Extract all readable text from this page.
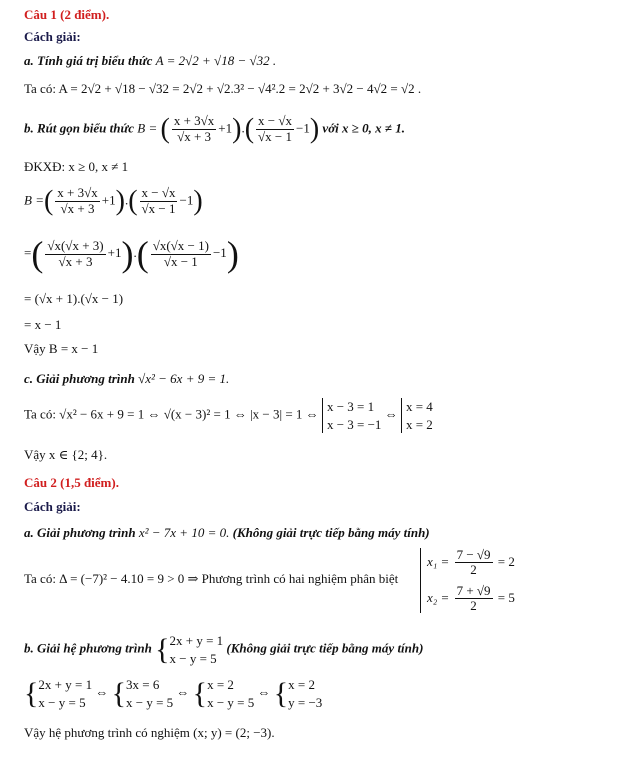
Câu 1 (2 điểm).
Cách giải:
a. Tính giá trị biểu thức A = 2√2 + √18 − √32 .
Ta có: A = 2√2 + √18 − √32 = 2√2 + √2.3² − √4².2 = 2√2 + 3√2 − 4√2 = √2 .
b. Rút gọn biểu thức B = ( $\frac{x + 3√x}{√x + 3} +1).( \frac{x - √x}{√x - 1} -1)$ với x ≥ 0, x ≠ 1.
ĐKXĐ: x ≥ 0, x ≠ 1
B =( $\frac{x + 3√x}{√x + 3} +1).( \frac{x - √x}{√x - 1} -1)$
=( $\frac{√x(√x + 3)}{√x + 3} +1).( \frac{√x(√x - 1)}{√x - 1} -1)$
= (√x + 1).(√x − 1)
= x − 1
Vậy B = x − 1
c. Giải phương trình √x² − 6x + 9 = 1.
Ta có: √x² − 6x + 9 = 1 ⇔ √(x − 3)² = 1 ⇔ |x − 3| = 1 ⇔ x − 3 = 1
x − 3 = −1 ⇔ x = 4
x = 2
Vậy x ∈ {2; 4}.
Câu 2 (1,5 điểm).
Cách giải:
a. Giải phương trình x² − 7x + 10 = 0. (Không giải trực tiếp bằng máy tính)
Ta có: Δ = (−7)² − 4.10 = 9 > 0 ⇒ Phương trình có hai nghiệm phân biệt
$x_1 = \frac{7 - √9}{2} = 2$
$x_2 = \frac{7 + √9}{2} = 5$
b. Giải hệ phương trình {2x + y = 1
x − y = 5 (Không giải trực tiếp bằng máy tính)
{2x + y = 1
x − y = 5 ⇔ {3x = 6
x − y = 5 ⇔ {x = 2
x − y = 5 ⇔ {x = 2
y = −3
Vậy hệ phương trình có nghiệm (x; y) = (2; −3).
